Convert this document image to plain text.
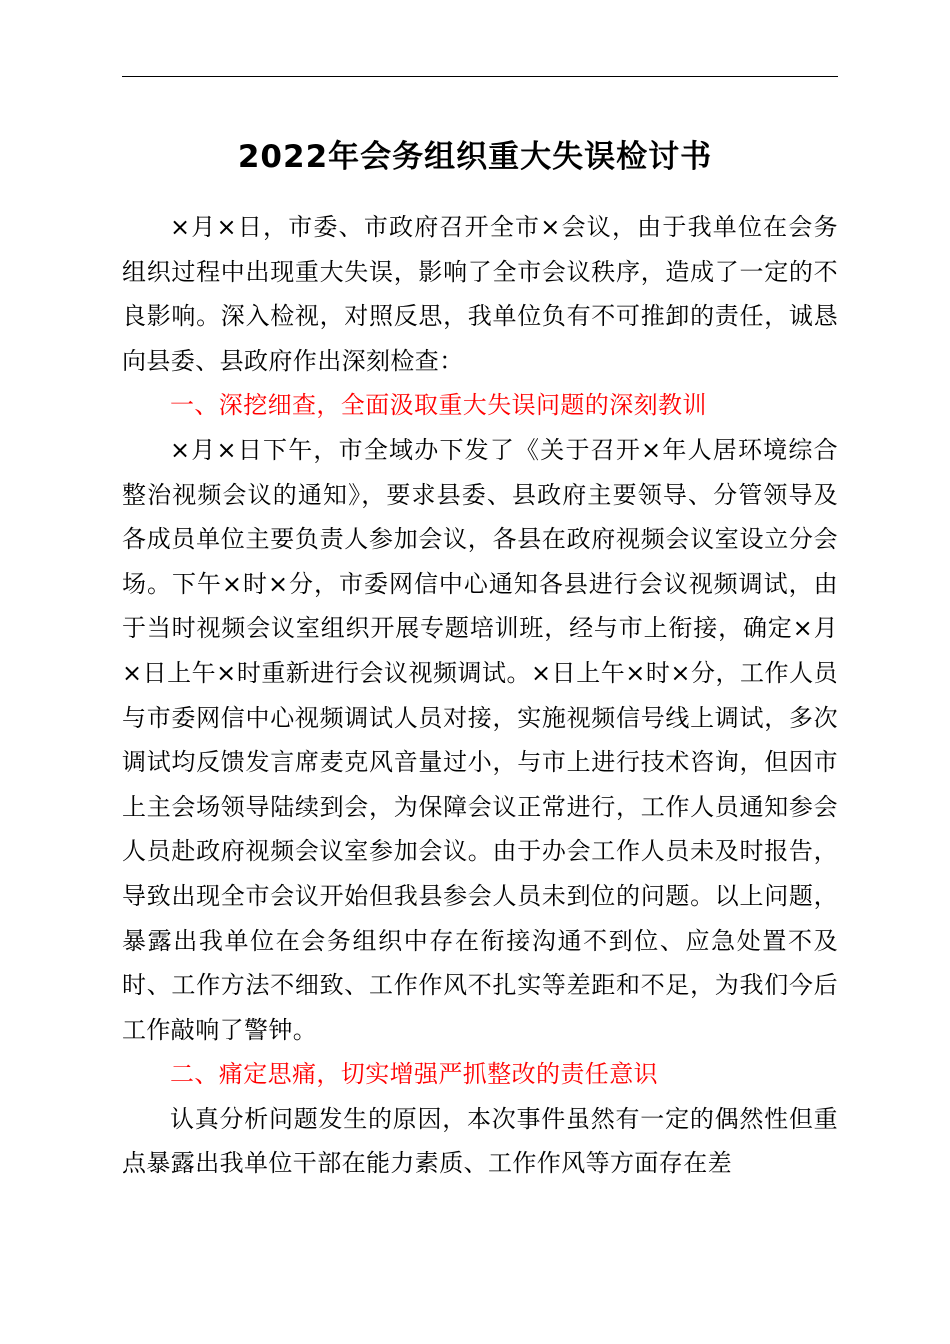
2022年会务组织重大失误检讨书

×月×日，市委、市政府召开全市×会议，由于我单位在会务组织过程中出现重大失误，影响了全市会议秩序，造成了一定的不良影响。深入检视，对照反思，我单位负有不可推卸的责任，诚恳向县委、县政府作出深刻检查：

一、深挖细查，全面汲取重大失误问题的深刻教训

×月×日下午，市全域办下发了《关于召开×年人居环境综合整治视频会议的通知》，要求县委、县政府主要领导、分管领导及各成员单位主要负责人参加会议，各县在政府视频会议室设立分会场。下午×时×分，市委网信中心通知各县进行会议视频调试，由于当时视频会议室组织开展专题培训班，经与市上衔接，确定×月×日上午×时重新进行会议视频调试。×日上午×时×分，工作人员与市委网信中心视频调试人员对接，实施视频信号线上调试，多次调试均反馈发言席麦克风音量过小，与市上进行技术咨询，但因市上主会场领导陆续到会，为保障会议正常进行，工作人员通知参会人员赴政府视频会议室参加会议。由于办会工作人员未及时报告，导致出现全市会议开始但我县参会人员未到位的问题。以上问题，暴露出我单位在会务组织中存在衔接沟通不到位、应急处置不及时、工作方法不细致、工作作风不扎实等差距和不足，为我们今后工作敲响了警钟。

二、痛定思痛，切实增强严抓整改的责任意识

认真分析问题发生的原因，本次事件虽然有一定的偶然性但重点暴露出我单位干部在能力素质、工作作风等方面存在差
